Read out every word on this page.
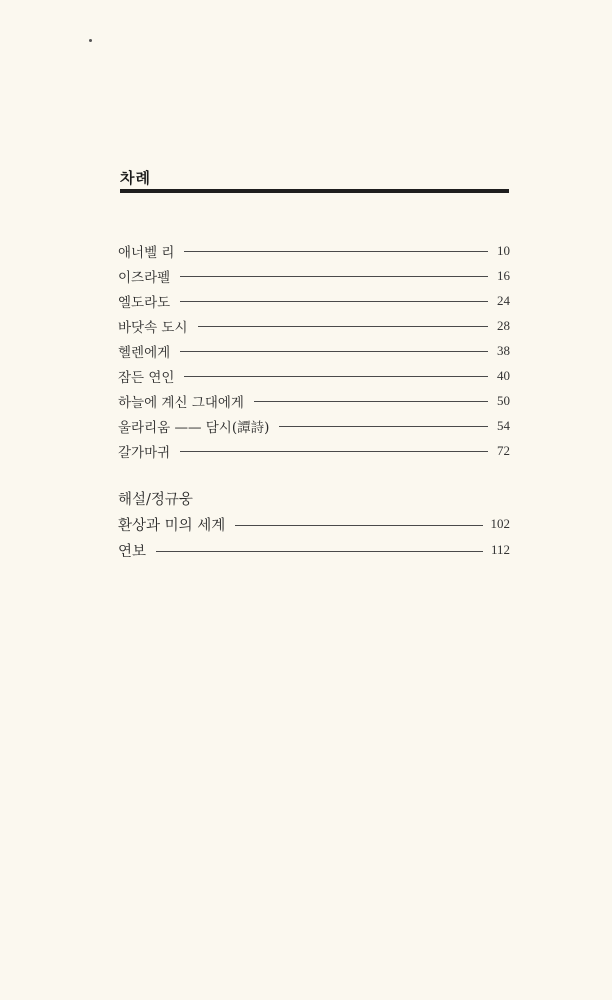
차례
애너벨 리	10
이즈라펠	16
엘도라도	24
바닷속 도시	28
헬렌에게	38
잠든 연인	40
하늘에 계신 그대에게	50
울라리움 —— 담시(譚詩)	54
갈가마귀	72
해설/정규웅
환상과 미의 세계	102
연보	112
